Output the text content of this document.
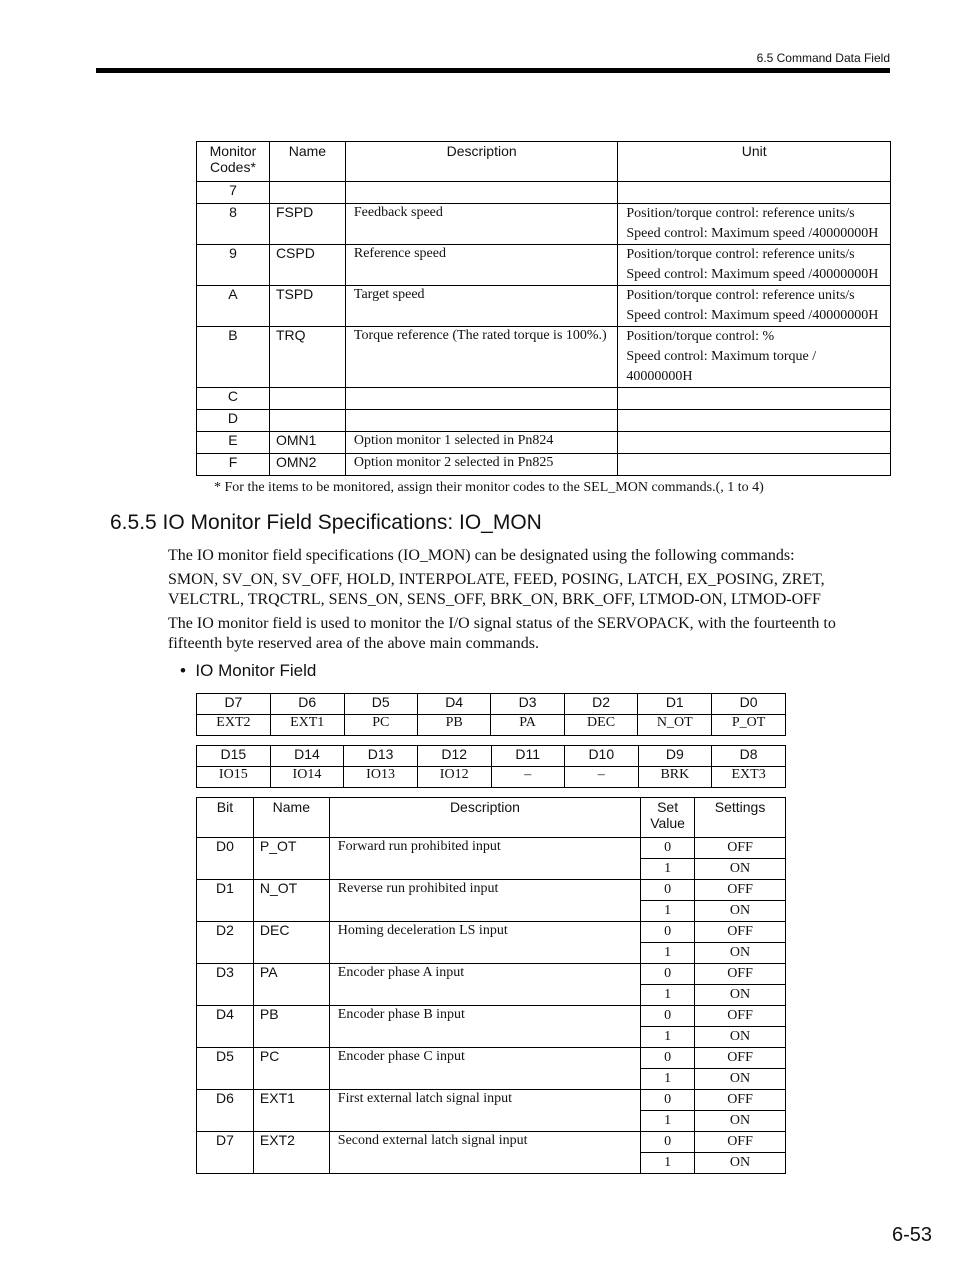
6.5 Command Data Field
Monitor Codes*	Name	Description	Unit
7			
8	FSPD	Feedback speed	Position/torque control: reference units/s
Speed control: Maximum speed /40000000H

9	CSPD	Reference speed	Position/torque control: reference units/s
Speed control: Maximum speed /40000000H

A	TSPD	Target speed	Position/torque control: reference units/s
Speed control: Maximum speed /40000000H

B	TRQ	Torque reference (The rated torque is 100%.)	Position/torque control: %
Speed control: Maximum torque / 40000000H

C			
D			
E	OMN1	Option monitor 1 selected in Pn824	
F	OMN2	Option monitor 2 selected in Pn825	
* For the items to be monitored, assign their monitor codes to the SEL_MON commands.(, 1 to 4)
6.5.5 IO Monitor Field Specifications: IO_MON
The IO monitor field specifications (IO_MON) can be designated using the following commands:
SMON, SV_ON, SV_OFF, HOLD, INTERPOLATE, FEED, POSING, LATCH, EX_POSING, ZRET, VELCTRL, TRQCTRL, SENS_ON, SENS_OFF, BRK_ON, BRK_OFF, LTMOD-ON, LTMOD-OFF
The IO monitor field is used to monitor the I/O signal status of the SERVOPACK, with the fourteenth to fifteenth byte reserved area of the above main commands.
•  IO Monitor Field
D7	D6	D5	D4	D3	D2	D1	D0
EXT2	EXT1	PC	PB	PA	DEC	N_OT	P_OT
D15	D14	D13	D12	D11	D10	D9	D8
IO15	IO14	IO13	IO12	–	–	BRK	EXT3
Bit	Name	Description	Set Value	Settings
D0	P_OT	Forward run prohibited input	0	OFF
			1	ON
D1	N_OT	Reverse run prohibited input	0	OFF
			1	ON
D2	DEC	Homing deceleration LS input	0	OFF
			1	ON
D3	PA	Encoder phase A input	0	OFF
			1	ON
D4	PB	Encoder phase B input	0	OFF
			1	ON
D5	PC	Encoder phase C input	0	OFF
			1	ON
D6	EXT1	First external latch signal input	0	OFF
			1	ON
D7	EXT2	Second external latch signal input	0	OFF
			1	ON
6-53
